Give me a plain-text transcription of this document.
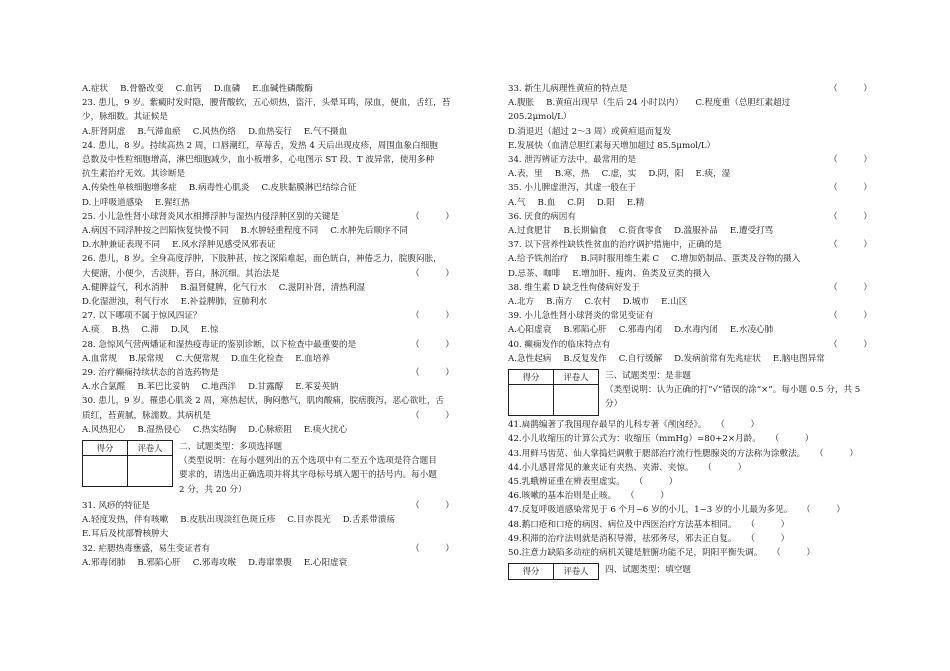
A.症状 B.骨骼改变 C.血钙 D.血磷 E.血碱性磷酸酶
23. 患儿，9 岁。紫癜时发时隐，腰背酸软，五心烦热，盗汗，头晕耳鸣，尿血，便血，舌红，苔
少，脉细数。其证候是
A.肝肾阴虚 B.气滞血瘀 C.风热伤络 D.血热妄行 E.气不摄血
24. 患儿，8 岁。持续高热 2 周，口唇潮红，草莓舌，发热 4 天后出现皮疹，周围血象白细胞
总数及中性粒细胞增高，淋巴细胞减少，血小板增多，心电图示 ST 段、T 波异常，使用多种
抗生素治疗无效。其诊断是
A.传染性单核细胞增多症 B.病毒性心肌炎 C.皮肤黏膜淋巴结综合征
D.上呼吸道感染 E.猩红热
25. 小儿急性肾小球肾炎风水相搏浮肿与湿热内侵浮肿区别的关键是	（　　　）
A.病因不同浮肿按之凹陷恢复快慢不同 B.水肿轻重程度不同 C.水肿先后顺序不同
D.水肿兼证表现不同 E.风水浮肿见感受风邪表证
26. 患儿，8 岁。全身高度浮肿，下肢肿甚，按之深陷难起，面色㿠白，神倦乏力，脘腹闷胀，
大便溏，小便少，舌淡胖，苔白，脉沉细。其治法是	（　　　）
A.健脾益气，利水消肿 B.温肾健脾，化气行水 C.滋阴补肾，清热利湿
D.化湿泄浊，利气行水 E.补益脾肺，宣肺利水
27. 以下哪项不属于惊风四证？	（　　　）
A.痰 B.热 C.滞 D.风 E.惊
28. 急惊风气营两燔证和湿热疫毒证的鉴别诊断，以下检查中最重要的是	（　　　）
A.血常规 B.尿常规 C.大便常规 D.血生化检查 E.血培养
29. 治疗癫痫持续状态的首选药物是	（　　　）
A.水合氯醛 B.苯巴比妥钠 C.地西泮 D.甘露醇 E.苯妥英钠
30. 患儿，9 岁。罹患心肌炎 2 周，寒热起伏，胸闷憋气，肌肉酸痛，脘痞腹泻，恶心欲吐，舌
质红，苔黄腻，脉濡数。其病机是	（　　　）
A.风热犯心 B.湿热侵心 C.热实结胸 D.心脉瘀阻 E.痰火扰心
得分	评卷人
	二、试题类型：多项选择题
（类型说明：在每小题列出的五个选项中有二至五个选项是符合题目要求的，请选出正确选项并将其字母标号填入题干的括号内。每小题 2 分，共 20 分）
31. 风痧的特征是	（　　　）
A.轻度发热，伴有咳嗽 B.皮肤出现淡红色斑丘疹 C.目赤畏光 D.舌系带溃疡
E.耳后及枕部臀核肿大
32. 疟腮热毒壅盛，易生变证者有	（　　　）
A.邪毒闭肺 B.邪陷心肝 C.邪毒攻喉 D.毒窜睾腹 E.心阳虚衰
33. 新生儿病理性黄疸的特点是	（　　　）
A.腹胀 B.黄疸出现早（生后 24 小时以内） C.程度重（总胆红素超过
205.2μmol/L）
D.消退迟（超过 2～3 周）或黄疸退而复发
E.发展快（血清总胆红素每天增加超过 85.5μmol/L）
34. 泄泻辨证方法中，最常用的是	（　　　）
A.表，里 B.寒，热 C.虚，实 D.阴，阳 E.痰，湿
35. 小儿脾虚泄泻，其虚一般在于	（　　　）
A.气 B.血 C.阴 D.阳 E.精
36. 厌食的病因有	（　　　）
A.过食肥甘 B.长期偏食 C.资食零食 D.滥服补品 E.遭受打骂
37. 以下营养性缺铁性贫血的治疗调护措施中，正确的是	（　　　）
A.给予铁剂治疗 B.同时服用维生素 C C.增加奶制品、蛋类及谷物的摄入
D.忌茶、咖啡 E.增加肝、瘦肉、鱼类及豆类的摄入
38. 维生素 D 缺乏性佝偻病好发于	（　　　）
A.北方 B.南方 C.农村 D.城市 E.山区
39. 小儿急性肾小球肾炎的常见变证有	（　　　）
A.心阳虚衰 B.邪陷心肝 C.邪毒内闭 D.水毒内闭 E.水凌心肺
40. 癫痫发作的临床特点有	（　　　）
A.急性起病 B.反复发作 C.自行缓解 D.发病前常有先兆症状 E.脑电图异常
得分	评卷人
	三、试题类型：是非题
（类型说明：认为正确的打“√”错误的涂“×”。每小题 0.5 分，共 5 分）
41.扁鹊编著了我国现存最早的儿科专著《颅囟经》。 （　　　）
42.小儿收缩压的计算公式为：收缩压（mmHg）=80+2×月龄。 （　　　）
43.用鲜马齿苋、仙人掌捣烂调敷于腮部治疗流行性腮腺炎的方法称为涂敷法。 （　　　）
44.小儿感冒常见的兼夹证有夹热、夹滞、夹惊。 （　　　）
45.乳蛾辨证重在辨表里虚实。 （　　　）
46.咳嗽的基本治则是止咳。 （　　　）
47.反复呼吸道感染常见于 6 个月~6 岁的小儿，1~3 岁的小儿最为多见。 （　　　）
48.鹅口疮和口疮的病因、病位及中西医治疗方法基本相同。 （　　　）
49.积滞的治疗法则就是消积导滞，祛邪务尽，邪去正自复。 （　　　）
50.注意力缺陷多动症的病机关键是脏腑功能不足，阴阳平衡失调。 （　　　）
得分	评卷人 四、试题类型：填空题
